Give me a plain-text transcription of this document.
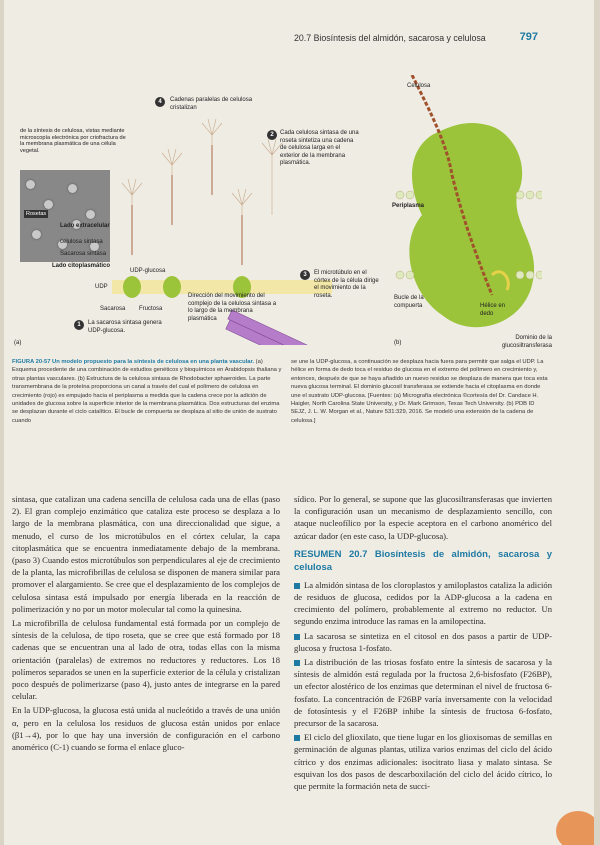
20.7 Biosíntesis del almidón, sacarosa y celulosa	797
de la síntesis de celulosa, vistas mediante microscopía electrónica por criofractura de la membrana plasmática de una célula vegetal.
Rosetas
4	Cadenas paralelas de celulosa cristalizan
2	Cada celulosa sintasa de una roseta sintetiza una cadena de celulosa larga en el exterior de la membrana plasmática.
Lado extracelular
celulosa sintasa
Sacarosa sintasa
Lado citoplasmático
UDP-glucosa
UDP
Sacarosa Fructosa
Dirección del movimiento del complejo de la celulosa sintasa a lo largo de la membrana plasmática
3	El microtúbulo en el córtex de la célula dirige el movimiento de la roseta.
1	La sacarosa sintasa genera UDP-glucosa.
(a)
Celulosa
Periplasma
Bucle de la compuerta	Hélice en dedo
Dominio de la glucosiltransferasa
(b)
FIGURA 20-57 Un modelo propuesto para la síntesis de celulosa en una planta vascular. (a) Esquema procedente de una combinación de estudios genéticos y bioquímicos en Arabidopsis thaliana y otras plantas vasculares. (b) Estructura de la celulosa sintasa de Rhodobacter sphaeroides. La parte transmembrana de la proteína proporciona un canal a través del cual el polímero de celulosa en crecimiento (rojo) es empujado hacia el periplasma a medida que la cadena crece por la adición de unidades de glucosa sobre la superficie interior de la membrana plasmática. Dos estructuras del enzima se desplazan durante el ciclo catalítico. El bucle de compuerta se desplaza al sitio de unión de sustrato cuando
se une la UDP-glucosa, a continuación se desplaza hacia fuera para permitir que salga el UDP. La hélice en forma de dedo toca el residuo de glucosa en el extremo del polímero en crecimiento y, entonces, después de que se haya añadido un nuevo residuo se desplaza de manera que toca esta nueva glucosa terminal. El dominio glucosil transferasa se extiende hacia el citoplasma en donde une el sustrato UDP-glucosa. [Fuentes: (a) Micrografía electrónica ©cortesía del Dr. Candace H. Haigler, North Carolina State University, y Dr. Mark Grimson, Texas Tech University. (b) PDB ID 5EJZ, J. L. W. Morgan et al., Nature 531:329, 2016. Se modeló una extensión de la cadena de celulosa.]

sintasa, que catalizan una cadena sencilla de celulosa cada una de ellas (paso 2). El gran complejo enzimático que cataliza este proceso se desplaza a lo largo de la membrana plasmática, con una direccionalidad que sigue, a menudo, el curso de los microtúbulos en el córtex celular, la capa citoplasmática que se encuentra inmediatamente debajo de la membrana. (paso 3) Cuando estos microtúbulos son perpendiculares al eje de crecimiento de la planta, las microfibrillas de celulosa se disponen de manera similar para promover el alargamiento. Se cree que el desplazamiento de los complejos de celulosa sintasa está impulsado por energía liberada en la reacción de polimerización y no por un motor molecular tal como la quinesina.

La microfibrilla de celulosa fundamental está formada por un complejo de síntesis de la celulosa, de tipo roseta, que se cree que está formado por 18 cadenas que se encuentran una al lado de otra, todas ellas con la misma orientación (paralelas) de extremos no reductores y reductores. Los 18 polímeros separados se unen en la superficie exterior de la célula y cristalizan poco después de polimerizarse (paso 4), justo antes de integrarse en la pared celular.

En la UDP-glucosa, la glucosa está unida al nucleótido a través de una unión α, pero en la celulosa los residuos de glucosa están unidos por enlace (β1→4), por lo que hay una inversión de configuración en el carbono anomérico (C-1) cuando se forma el enlace gluco-

sídico. Por lo general, se supone que las glucosiltransferasas que invierten la configuración usan un mecanismo de desplazamiento sencillo, con ataque nucleofílico por la especie aceptora en el carbono anomérico del azúcar dador (en este caso, la UDP-glucosa).

RESUMEN 20.7 Biosíntesis de almidón, sacarosa y celulosa

La almidón sintasa de los cloroplastos y amiloplastos cataliza la adición de residuos de glucosa, cedidos por la ADP-glucosa a la cadena en crecimiento del polímero, probablemente al extremo no reductor. Un segundo enzima introduce las ramas en la amilopectina.

La sacarosa se sintetiza en el citosol en dos pasos a partir de UDP-glucosa y fructosa 1-fosfato.

La distribución de las triosas fosfato entre la síntesis de sacarosa y la síntesis de almidón está regulada por la fructosa 2,6-bisfosfato (F26BP), un efector alostérico de los enzimas que determinan el nivel de fructosa 6-fosfato. La concentración de F26BP varía inversamente con la velocidad de fotosíntesis y el F26BP inhibe la síntesis de fructosa 6-fosfato, precursor de la sacarosa.

El ciclo del glioxilato, que tiene lugar en los glioxisomas de semillas en germinación de algunas plantas, utiliza varios enzimas del ciclo del ácido cítrico y dos enzimas adicionales: isocitrato liasa y malato sintasa. Se esquivan los dos pasos de descarboxilación del ciclo del ácido cítrico, lo que permite la formación neta de succi-
